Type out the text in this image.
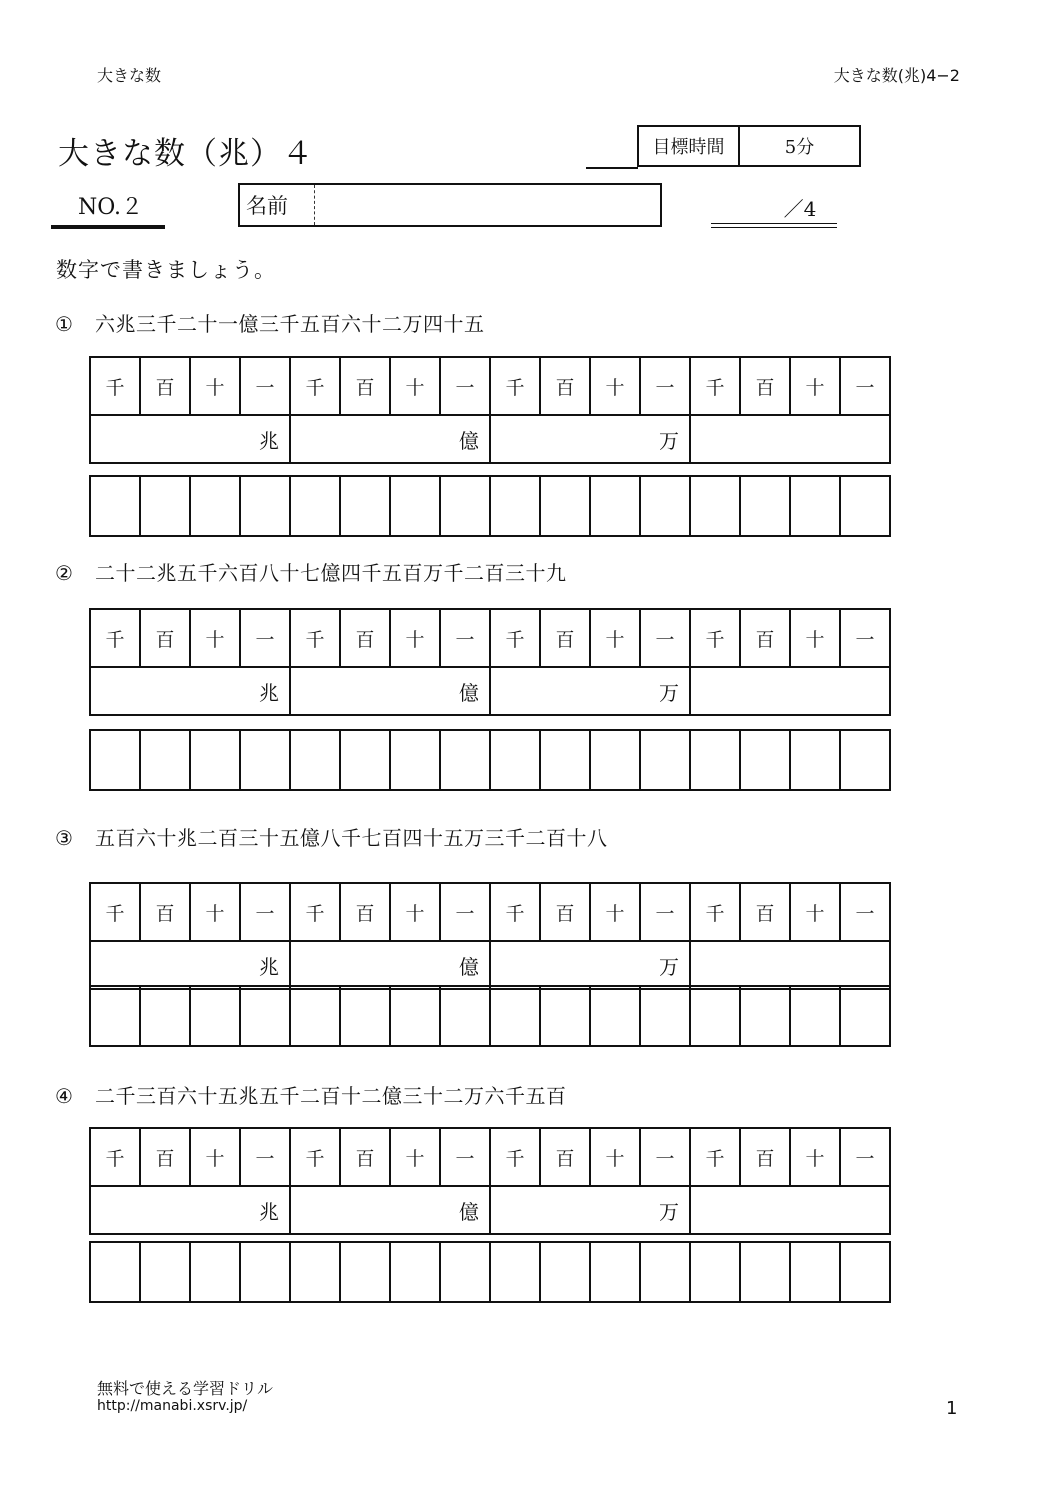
大きな数	大きな数(兆)4−2
大きな数（兆）４	目標時間	5分
NO.２	名前	／4
数字で書きましょう。
① 六兆三千二十一億三千五百六十二万四十五
② 二十二兆五千六百八十七億四千五百万千二百三十九
③ 五百六十兆二百三十五億八千七百四十五万三千二百十八
④ 二千三百六十五兆五千二百十二億三十二万六千五百
千	百	十	一	千	百	十	一	千	百	十	一	千	百	十	一
兆				億				万							

千	百	十	一	千	百	十	一	千	百	十	一	千	百	十	一
兆				億				万							

千	百	十	一	千	百	十	一	千	百	十	一	千	百	十	一
兆				億				万							

千	百	十	一	千	百	十	一	千	百	十	一	千	百	十	一
兆				億				万							

無料で使える学習ドリル
http://manabi.xsrv.jp/	1
